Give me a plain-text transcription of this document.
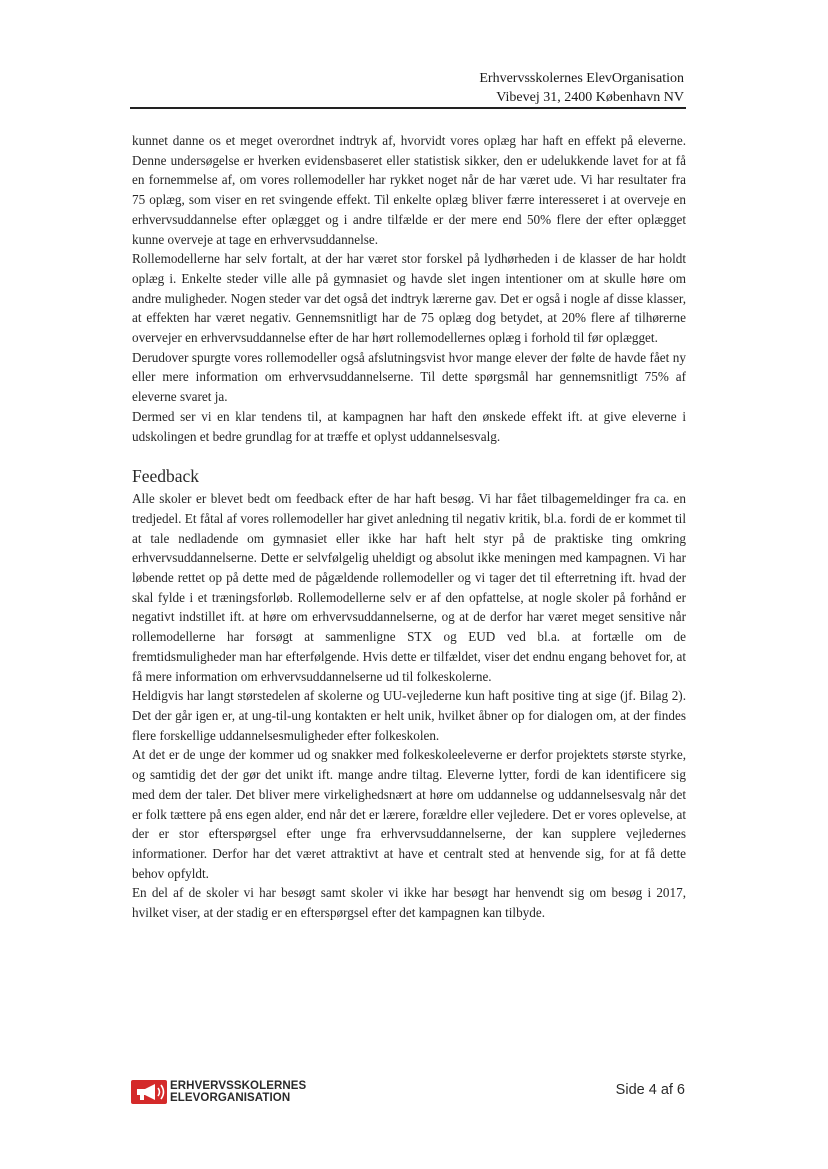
Erhvervsskolernes ElevOrganisation
Vibevej 31, 2400 København NV

kunnet danne os et meget overordnet indtryk af, hvorvidt vores oplæg har haft en effekt på eleverne. Denne undersøgelse er hverken evidensbaseret eller statistisk sikker, den er udelukkende lavet for at få en fornemmelse af, om vores rollemodeller har rykket noget når de har været ude. Vi har resultater fra 75 oplæg, som viser en ret svingende effekt. Til enkelte oplæg bliver færre interesseret i at overveje en erhvervsuddannelse efter oplægget og i andre tilfælde er der mere end 50% flere der efter oplægget kunne overveje at tage en erhvervsuddannelse.

Rollemodellerne har selv fortalt, at der har været stor forskel på lydhørheden i de klasser de har holdt oplæg i. Enkelte steder ville alle på gymnasiet og havde slet ingen intentioner om at skulle høre om andre muligheder. Nogen steder var det også det indtryk lærerne gav. Det er også i nogle af disse klasser, at effekten har været negativ. Gennemsnitligt har de 75 oplæg dog betydet, at 20% flere af tilhørerne overvejer en erhvervsuddannelse efter de har hørt rollemodellernes oplæg i forhold til før oplægget.

Derudover spurgte vores rollemodeller også afslutningsvist hvor mange elever der følte de havde fået ny eller mere information om erhvervsuddannelserne. Til dette spørgsmål har gennemsnitligt 75% af eleverne svaret ja.

Dermed ser vi en klar tendens til, at kampagnen har haft den ønskede effekt ift. at give eleverne i udskolingen et bedre grundlag for at træffe et oplyst uddannelsesvalg.

Feedback

Alle skoler er blevet bedt om feedback efter de har haft besøg. Vi har fået tilbagemeldinger fra ca. en tredjedel. Et fåtal af vores rollemodeller har givet anledning til negativ kritik, bl.a. fordi de er kommet til at tale nedladende om gymnasiet eller ikke har haft helt styr på de praktiske ting omkring erhvervsuddannelserne. Dette er selvfølgelig uheldigt og absolut ikke meningen med kampagnen. Vi har løbende rettet op på dette med de pågældende rollemodeller og vi tager det til efterretning ift. hvad der skal fylde i et træningsforløb. Rollemodellerne selv er af den opfattelse, at nogle skoler på forhånd er negativt indstillet ift. at høre om erhvervsuddannelserne, og at de derfor har været meget sensitive når rollemodellerne har forsøgt at sammenligne STX og EUD ved bl.a. at fortælle om de fremtidsmuligheder man har efterfølgende. Hvis dette er tilfældet, viser det endnu engang behovet for, at få mere information om erhvervsuddannelserne ud til folkeskolerne.

Heldigvis har langt størstedelen af skolerne og UU-vejlederne kun haft positive ting at sige (jf. Bilag 2). Det der går igen er, at ung-til-ung kontakten er helt unik, hvilket åbner op for dialogen om, at der findes flere forskellige uddannelsesmuligheder efter folkeskolen.

At det er de unge der kommer ud og snakker med folkeskoleeleverne er derfor projektets største styrke, og samtidig det der gør det unikt ift. mange andre tiltag. Eleverne lytter, fordi de kan identificere sig med dem der taler. Det bliver mere virkelighedsnært at høre om uddannelse og uddannelsesvalg når det er folk tættere på ens egen alder, end når det er lærere, forældre eller vejledere. Det er vores oplevelse, at der er stor efterspørgsel efter unge fra erhvervsuddannelserne, der kan supplere vejledernes informationer. Derfor har det været attraktivt at have et centralt sted at henvende sig, for at få dette behov opfyldt.

En del af de skoler vi har besøgt samt skoler vi ikke har besøgt har henvendt sig om besøg i 2017, hvilket viser, at der stadig er en efterspørgsel efter det kampagnen kan tilbyde.

ERHVERVSSKOLERNES
ELEVORGANISATION	Side 4 af 6
